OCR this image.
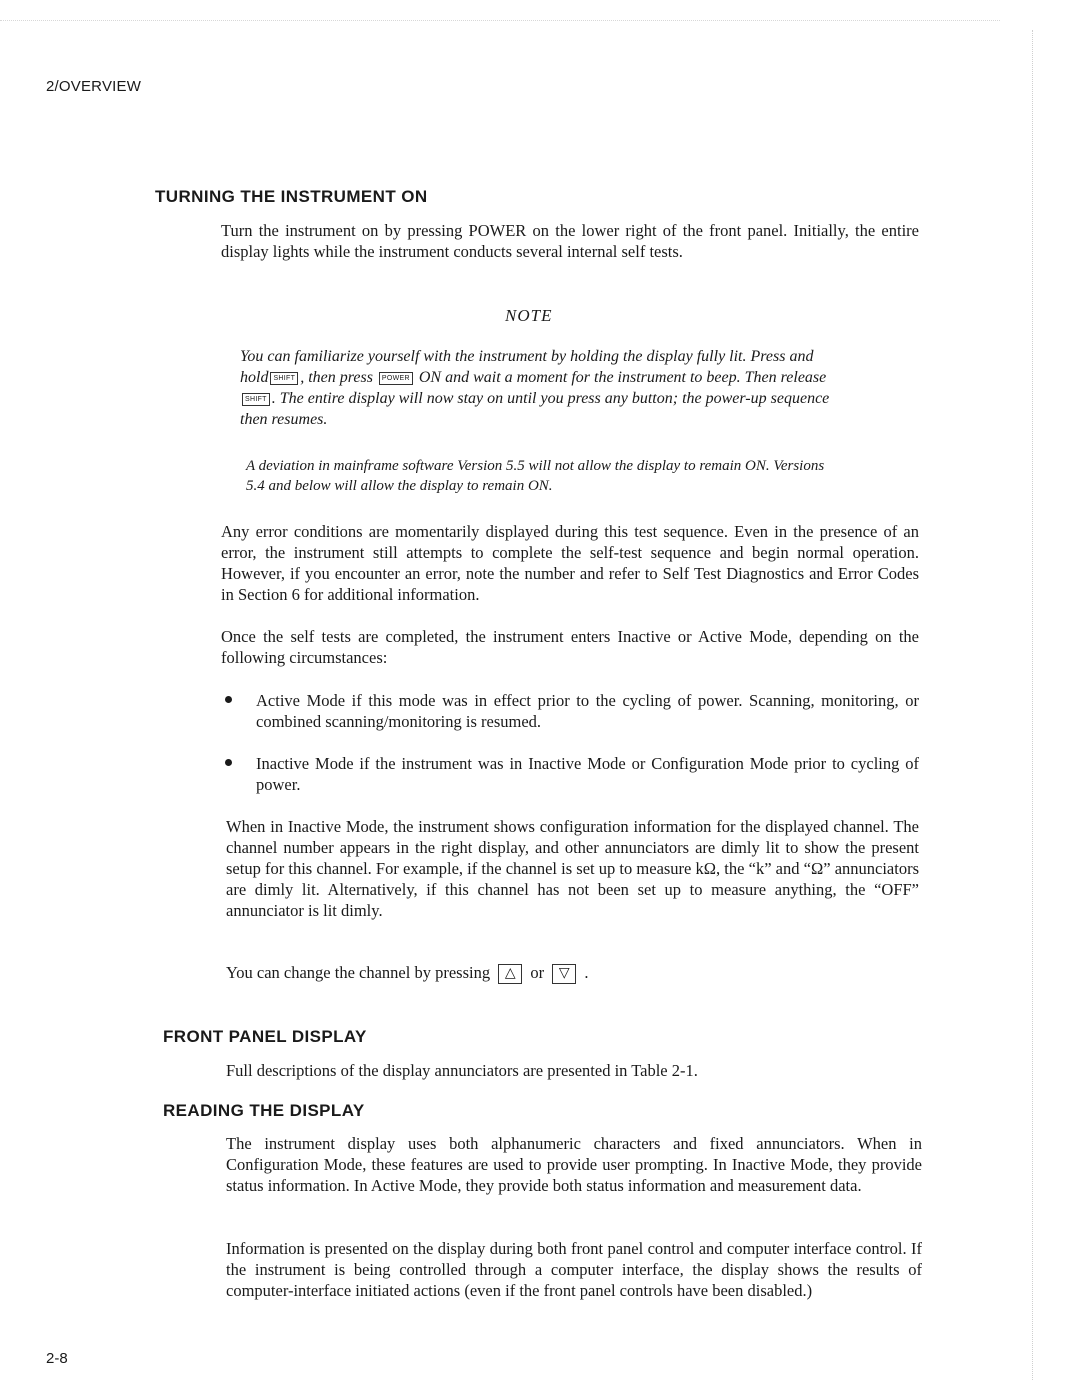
2/OVERVIEW
TURNING THE INSTRUMENT ON
Turn the instrument on by pressing POWER on the lower right of the front panel. Initially, the entire display lights while the instrument conducts several internal self tests.
NOTE
You can familiarize yourself with the instrument by holding the display fully lit. Press and hold SHIFT , then press POWER ON and wait a moment for the instrument to beep. Then releaseSHIFT . The entire display will now stay on until you press any button; the power-up sequence then resumes.
A deviation in mainframe software Version 5.5 will not allow the display to remain ON. Versions 5.4 and below will allow the display to remain ON.
Any error conditions are momentarily displayed during this test sequence. Even in the presence of an error, the instrument still attempts to complete the self-test sequence and begin normal operation. However, if you encounter an error, note the number and refer to Self Test Diagnostics and Error Codes in Section 6 for additional information.
Once the self tests are completed, the instrument enters Inactive or Active Mode, depending on the following circumstances:
Active Mode if this mode was in effect prior to the cycling of power. Scanning, monitoring, or combined scanning/monitoring is resumed.
Inactive Mode if the instrument was in Inactive Mode or Configuration Mode prior to cycling of power.
When in Inactive Mode, the instrument shows configuration information for the displayed channel. The channel number appears in the right display, and other annunciators are dimly lit to show the present setup for this channel. For example, if the channel is set up to measure kΩ, the “k” and “Ω” annunciators are dimly lit. Alternatively, if this channel has not been set up to measure anything, the “OFF” annunciator is lit dimly.
You can change the channel by pressing △ or ▽ .
FRONT PANEL DISPLAY
Full descriptions of the display annunciators are presented in Table 2-1.
READING THE DISPLAY
The instrument display uses both alphanumeric characters and fixed annunciators. When in Configuration Mode, these features are used to provide user prompting. In Inactive Mode, they provide status information. In Active Mode, they provide both status information and measurement data.
Information is presented on the display during both front panel control and computer interface control. If the instrument is being controlled through a computer interface, the display shows the results of computer-interface initiated actions (even if the front panel controls have been disabled.)
2-8
